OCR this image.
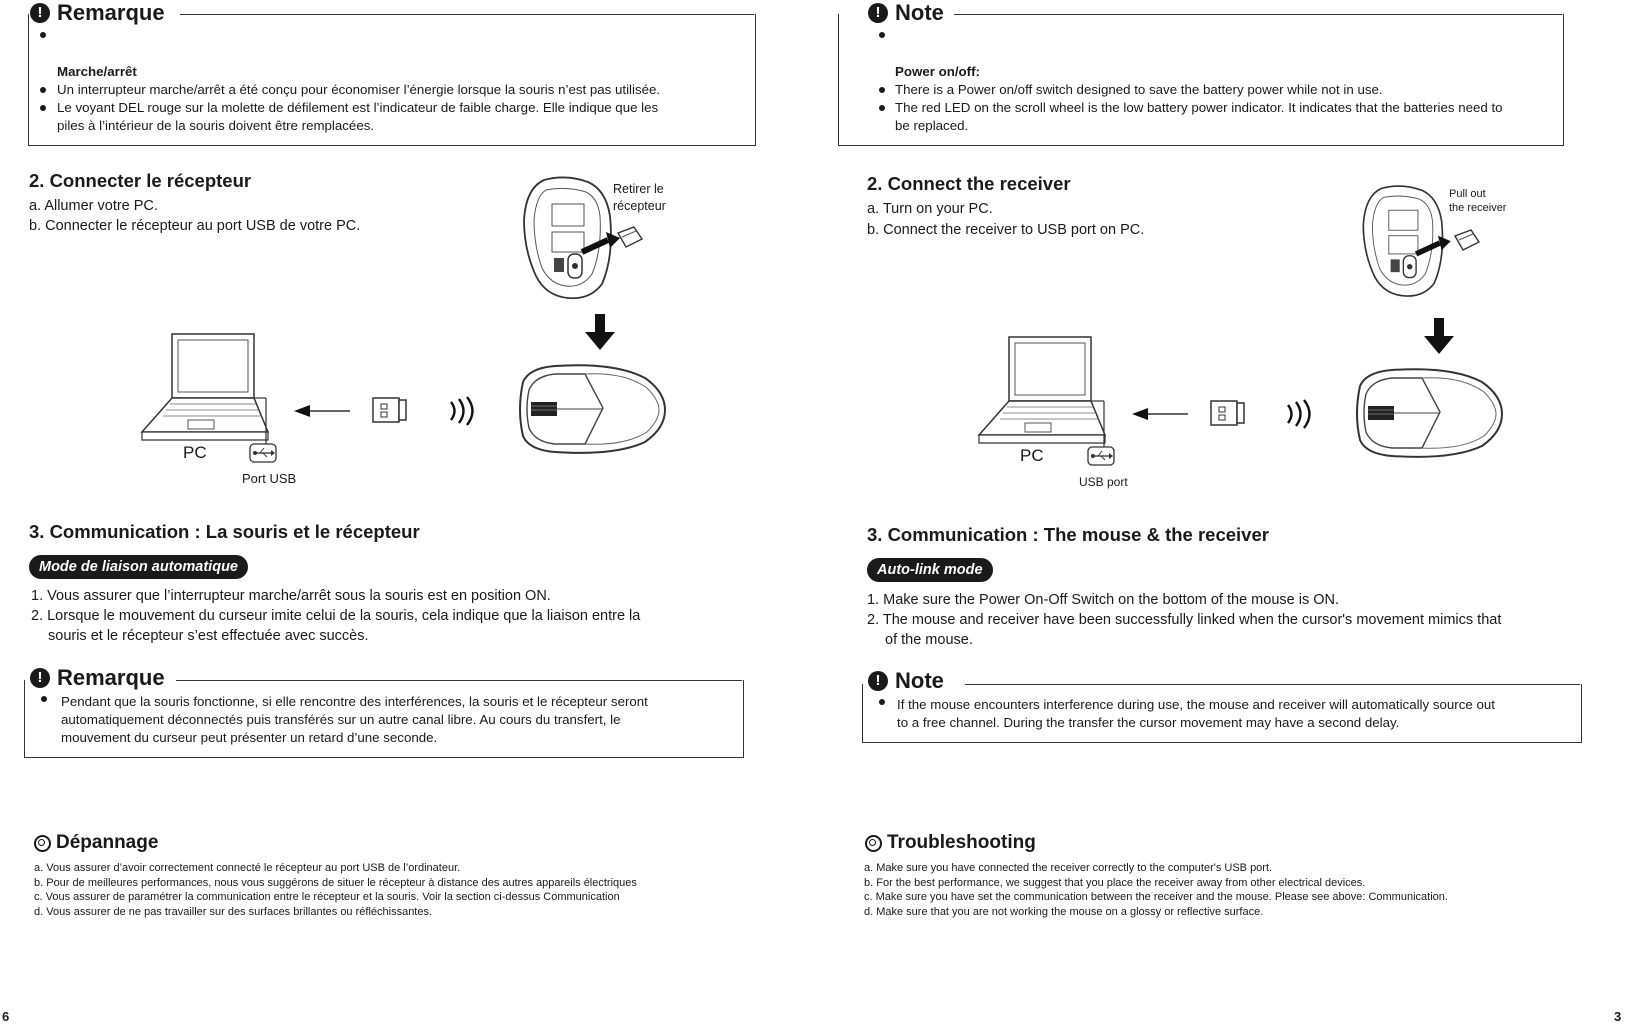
! Remarque
Marche/arrêt
Un interrupteur marche/arrêt a été conçu pour économiser l’énergie lorsque la souris n’est pas utilisée.
Le voyant DEL rouge sur la molette de défilement est l’indicateur de faible charge. Elle indique que les
piles à l’intérieur de la souris doivent être remplacées.
2. Connecter le récepteur
a. Allumer votre PC.
b. Connecter le récepteur au port USB de votre PC.
Retirer le
récepteur
PC
Port USB
3. Communication : La souris et le récepteur
Mode de liaison automatique
1. Vous assurer que l’interrupteur marche/arrêt sous la souris est en position ON.
2. Lorsque le mouvement du curseur imite celui de la souris, cela indique que la liaison entre la
souris et le récepteur s’est effectuée avec succès.
! Remarque
Pendant que la souris fonctionne, si elle rencontre des interférences, la souris et le récepteur seront
automatiquement déconnectés puis transférés sur un autre canal libre. Au cours du transfert, le
mouvement du curseur peut présenter un retard d’une seconde.
Dépannage
a. Vous assurer d’avoir correctement connecté le récepteur au port USB de l’ordinateur.
b. Pour de meilleures performances, nous vous suggérons de situer le récepteur à distance des autres appareils électriques
c. Vous assurer de paramétrer la communication entre le récepteur et la souris. Voir la section ci-dessus Communication
d. Vous assurer de ne pas travailler sur des surfaces brillantes ou réfléchissantes.
6
! Note
Power on/off:
There is a Power on/off switch designed to save the battery power while not in use.
The red LED on the scroll wheel is the low battery power indicator. It indicates that the batteries need to
be replaced.
2. Connect the receiver
a. Turn on your PC.
b. Connect the receiver to USB port on PC.
Pull out
the receiver
PC
USB port
3. Communication : The mouse & the receiver
Auto-link mode
1. Make sure the Power On-Off Switch on the bottom of the mouse is ON.
2. The mouse and receiver have been successfully linked when the cursor's movement mimics that
of the mouse.
! Note
If the mouse encounters interference during use, the mouse and receiver will automatically source out
to a free channel. During the transfer the cursor movement may have a second delay.
Troubleshooting
a. Make sure you have connected the receiver correctly to the computer's USB port.
b. For the best performance, we suggest that you place the receiver away from other electrical devices.
c. Make sure you have set the communication between the receiver and the mouse. Please see above: Communication.
d. Make sure that you are not working the mouse on a glossy or reflective surface.
3
